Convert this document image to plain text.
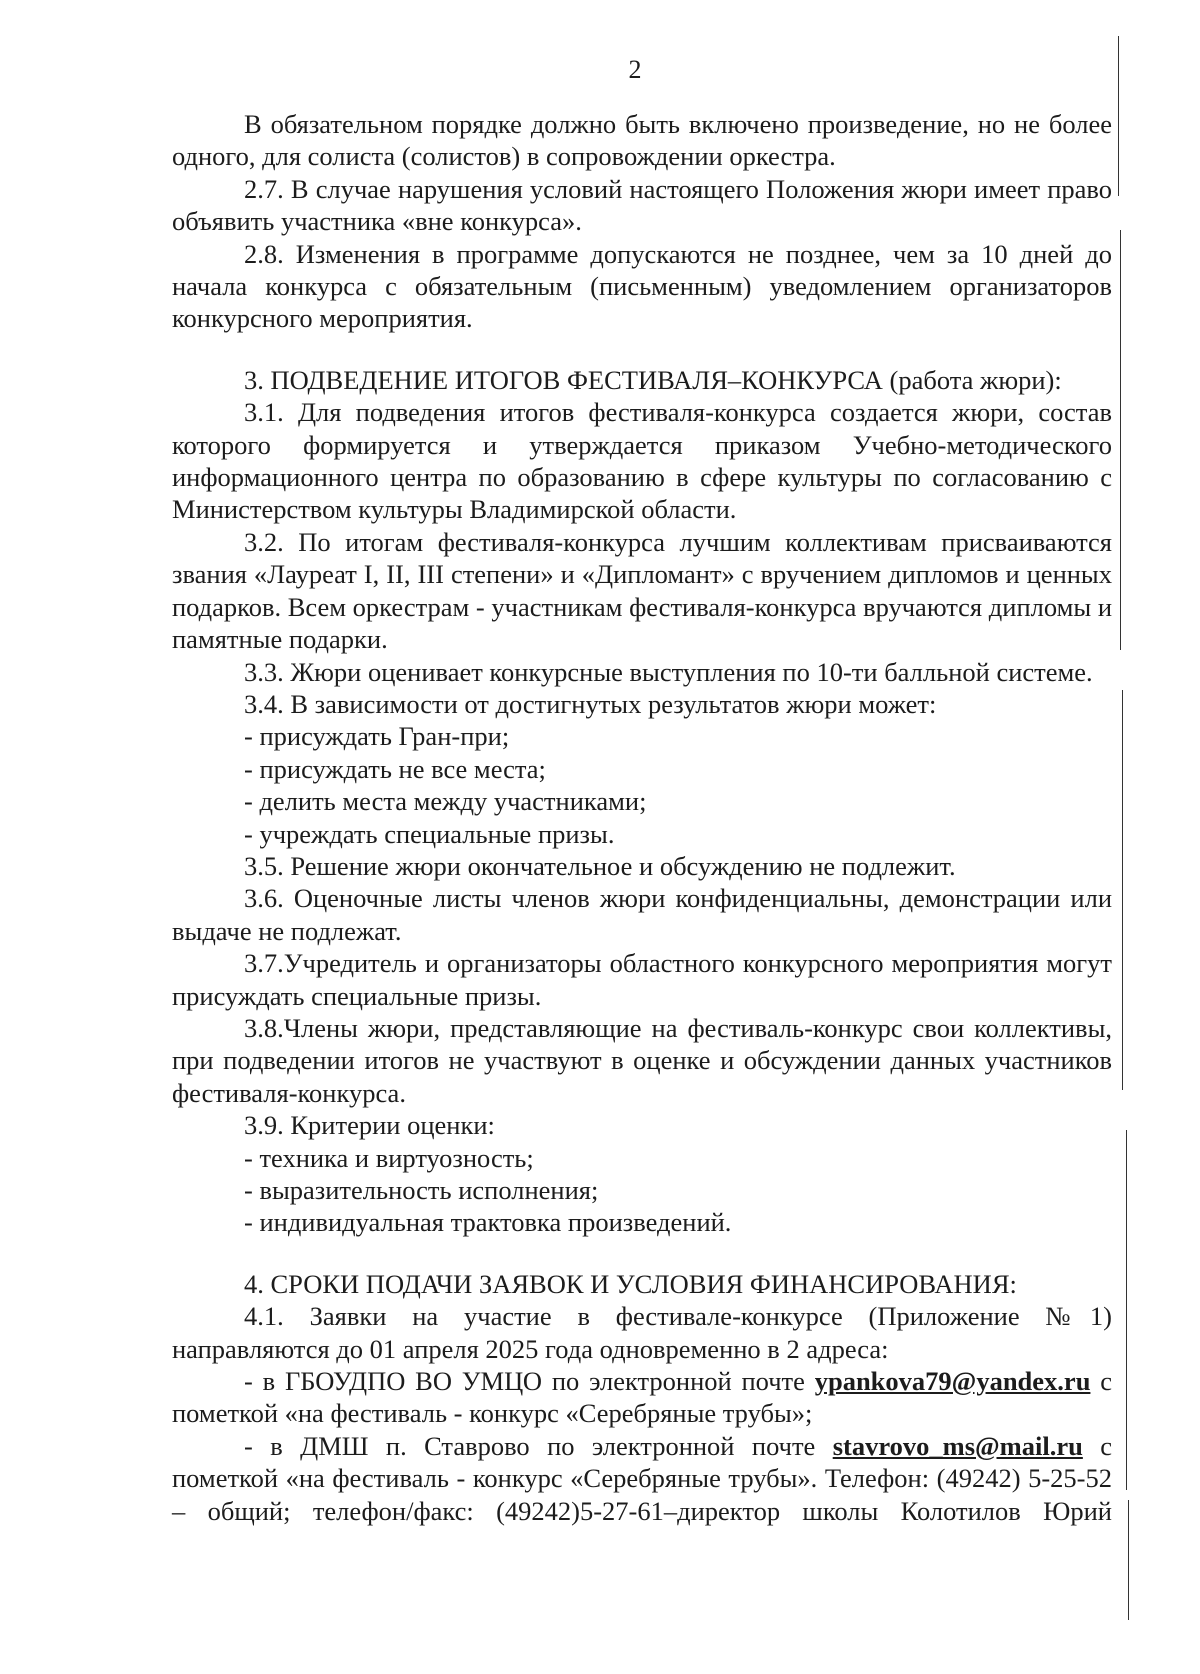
2

В обязательном порядке должно быть включено произведение, но не более одного, для солиста (солистов) в сопровождении оркестра.

2.7. В случае нарушения условий настоящего Положения жюри имеет право объявить участника «вне конкурса».

2.8. Изменения в программе допускаются не позднее, чем за 10 дней до начала конкурса с обязательным (письменным) уведомлением организаторов конкурсного мероприятия.

3. ПОДВЕДЕНИЕ ИТОГОВ ФЕСТИВАЛЯ–КОНКУРСА (работа жюри):

3.1. Для подведения итогов фестиваля-конкурса создается жюри, состав которого формируется и утверждается приказом Учебно-методического информационного центра по образованию в сфере культуры по согласованию с Министерством культуры Владимирской области.

3.2. По итогам фестиваля-конкурса лучшим коллективам присваиваются звания «Лауреат I, II, III степени» и «Дипломант» с вручением дипломов и ценных подарков. Всем оркестрам - участникам фестиваля-конкурса вручаются дипломы и памятные подарки.

3.3. Жюри оценивает конкурсные выступления по 10-ти балльной системе.

3.4. В зависимости от достигнутых результатов жюри может:

- присуждать Гран-при;

- присуждать не все места;

- делить места между участниками;

- учреждать специальные призы.

3.5. Решение жюри окончательное и обсуждению не подлежит.

3.6. Оценочные листы членов жюри конфиденциальны, демонстрации или выдаче не подлежат.

3.7.Учредитель и организаторы областного конкурсного мероприятия могут присуждать специальные призы.

3.8.Члены жюри, представляющие на фестиваль-конкурс свои коллективы, при подведении итогов не участвуют в оценке и обсуждении данных участников фестиваля-конкурса.

3.9. Критерии оценки:

- техника и виртуозность;

- выразительность исполнения;

- индивидуальная трактовка произведений.

4. СРОКИ ПОДАЧИ ЗАЯВОК И УСЛОВИЯ ФИНАНСИРОВАНИЯ:

4.1. Заявки на участие в фестивале-конкурсе (Приложение №1) направляются до 01 апреля 2025 года одновременно в 2 адреса:

- в ГБОУДПО ВО УМЦО по электронной почте ypankova79@yandex.ru с пометкой «на фестиваль - конкурс «Серебряные трубы»;

- в ДМШ п. Ставрово по электронной почте stavrovo_ms@mail.ru с пометкой «на фестиваль - конкурс «Серебряные трубы». Телефон: (49242) 5-25-52 – общий; телефон/факс: (49242)5-27-61–директор школы Колотилов Юрий
